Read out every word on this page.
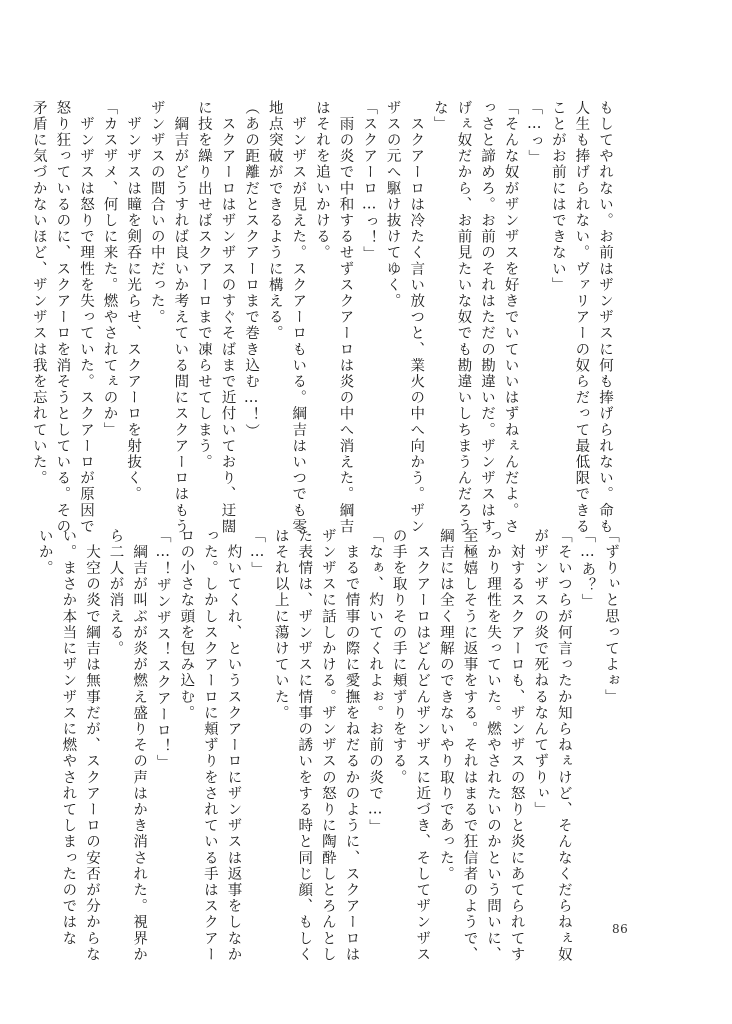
もしてやれない。お前はザンザスに何も捧げられない。命も
人生も捧げられない。ヴァリアーの奴らだって最低限できる
ことがお前にはできない」
「…っ」
「そんな奴がザンザスを好きでいていいはずねぇんだよ。さ
っさと諦めろ。お前のそれはただの勘違いだ。ザンザスはす
げぇ奴だから、お前見たいな奴でも勘違いしちまうんだろう
な」
　スクアーロは冷たく言い放つと、業火の中へ向かう。ザン
ザスの元へ駆け抜けてゆく。
「スクアーロ…っ！」
　雨の炎で中和するせずスクアーロは炎の中へ消えた。綱吉
はそれを追いかける。
　ザンザスが見えた。スクアーロもいる。綱吉はいつでも零
地点突破ができるように構える。
（あの距離だとスクアーロまで巻き込む…！）
　スクアーロはザンザスのすぐそばまで近付いており、迂闊
に技を繰り出せばスクアーロまで凍らせてしまう。
　綱吉がどうすれば良いか考えている間にスクアーロはもう
ザンザスの間合いの中だった。
　ザンザスは瞳を剣呑に光らせ、スクアーロを射抜く。
「カスザメ、何しに来た。燃やされてぇのか」
　ザンザスは怒りで理性を失っていた。スクアーロが原因で
怒り狂っているのに、スクアーロを消そうとしている。その
矛盾に気づかないほど、ザンザスは我を忘れていた。
「ずりぃと思ってよぉ」
「…あ？」
「そいつらが何言ったか知らねぇけど、そんなくだらねぇ奴
がザンザスの炎で死ねるなんてずりぃ」
　対するスクアーロも、ザンザスの怒りと炎にあてられてす
っかり理性を失っていた。燃やされたいのかという問いに、
至極嬉しそうに返事をする。それはまるで狂信者のようで、
綱吉には全く理解のできないやり取りであった。
　スクアーロはどんどんザンザスに近づき、そしてザンザス
の手を取りその手に頬ずりをする。
「なぁ、灼いてくれよぉ。お前の炎で…」
　まるで情事の際に愛撫をねだるかのように、スクアーロは
ザンザスに話しかける。ザンザスの怒りに陶酔しとろんとし
た表情は、ザンザスに情事の誘いをする時と同じ顔、もしく
はそれ以上に蕩けていた。
「…」
　灼いてくれ、というスクアーロにザンザスは返事をしなか
った。しかしスクアーロに頬ずりをされている手はスクアー
ロの小さな頭を包み込む。
「…！ザンザス！スクアーロ！」
　綱吉が叫ぶが炎が燃え盛りその声はかき消された。視界か
ら二人が消える。
　大空の炎で綱吉は無事だが、スクアーロの安否が分からな
い。まさか本当にザンザスに燃やされてしまったのではな
いか。
86
